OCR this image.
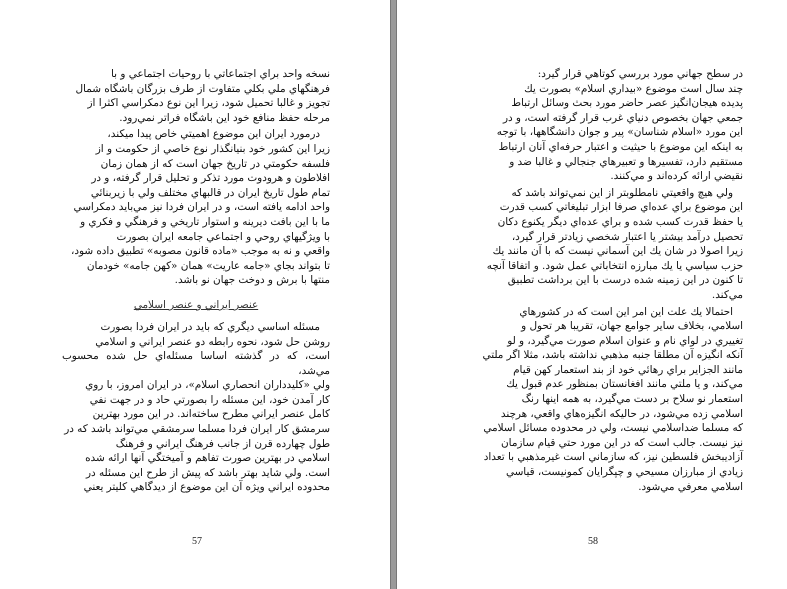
نسخه واحد براي اجتماعاتي با روحيات اجتماعي و با
فرهنگهاي ملي بكلي متفاوت از طرف بزرگان باشگاه شمال
تجويز و غالبا تحميل شود، زيرا اين نوع دمكراسي اكثرا از
مرحله حفظ منافع خود اين باشگاه فراتر نمي‌رود.

درمورد ايران اين موضوع اهميتي خاص پيدا ميكند،
زيرا اين كشور خود بنيانگذار نوع خاصي از حكومت و از
فلسفه حكومتي در تاريخ جهان است كه از همان زمان
افلاطون و هرودوت مورد تذكر و تحليل قرار گرفته، و در
تمام طول تاريخ ايران در قالبهاي مختلف ولي با زيربنائي
واحد ادامه يافته است، و در ايران فردا نيز مي‌بايد دمكراسي
ما با اين بافت ديرينه و استوار تاريخي و فرهنگي و فكري و
با ويژگيهاي روحي و اجتماعي جامعه ايران بصورت
واقعي و نه به موجب «ماده قانون مصوبه» تطبيق داده شود،
تا بتواند بجاي «جامه عاريت» همان «كهن جامه» خودمان
منتها با برش و دوخت جهان نو باشد.

عنصر ايراني و عنصر اسلامي

مسئله اساسي ديگري كه بايد در ايران فردا بصورت
روشن حل شود، نحوه رابطه دو عنصر ايراني و اسلامي
است، كه در گذشته اساسا مسئله‌اي حل شده محسوب مي‌شد،
ولي «كليدداران انحصاري اسلام»، در ايران امروز، با روي
كار آمدن خود، اين مسئله را بصورتي حاد و در جهت نفي
كامل عنصر ايراني مطرح ساخته‌اند. در اين مورد بهترين
سرمشق كار ايران فردا مسلما سرمشقي مي‌تواند باشد كه در
طول چهارده قرن از جانب فرهنگ ايراني و فرهنگ
اسلامي در بهترين صورت تفاهم و آميختگي آنها ارائه شده
است. ولي شايد بهتر باشد كه پيش از طرح اين مسئله در
محدوده ايراني ويژه آن اين موضوع از ديدگاهي كليتر يعني

57

در سطح جهاني مورد بررسي كوتاهي قرار گيرد:
چند سال است موضوع «بيداري اسلام» بصورت يك
پديده هيجان‌انگيز عصر حاضر مورد بحث وسائل ارتباط
جمعي جهان بخصوص دنياي غرب قرار گرفته است، و در
اين مورد «اسلام شناسان» پير و جوان دانشگاهها، با توجه
به اينكه اين موضوع با حيثيت و اعتبار حرفه‌اي آنان ارتباط
مستقيم دارد، تفسيرها و تعبيرهاي جنجالي و غالبا ضد و
نقيضي ارائه كرده‌اند و مي‌كنند.

ولي هيچ واقعيتي نامطلوبتر از اين نمي‌تواند باشد كه
اين موضوع براي عده‌اي صرفا ابزار تبليغاتي كسب قدرت
يا حفظ قدرت كسب شده و براي عده‌اي ديگر يكنوع دكان
تحصيل درآمد بيشتر يا اعتبار شخصي زيادتر قرار گيرد،
زيرا اصولا در شان يك اين آسماني نيست كه با آن مانند يك
حزب سياسي يا يك مبارزه انتخاباتي عمل شود. و اتفاقا آنچه
تا كنون در اين زمينه شده درست با اين برداشت تطبيق
مي‌كند.

احتمالا يك علت اين امر اين است كه در كشورهاي
اسلامي، بخلاف ساير جوامع جهان، تقريبا هر تحول و
تغييري در لواي نام و عنوان اسلام صورت مي‌گيرد، و لو
آنكه انگيزه آن مطلقا جنبه مذهبي نداشته باشد، مثلا اگر ملتي
مانند الجزاير براي رهائي خود از بند استعمار كهن قيام
مي‌كند، و يا ملتي مانند افغانستان بمنظور عدم قبول يك
استعمار نو سلاح بر دست مي‌گيرد، به همه اينها رنگ
اسلامي زده مي‌شود، در حاليكه انگيزه‌هاي واقعي، هرچند
كه مسلما ضداسلامي نيست، ولي در محدوده مسائل اسلامي
نيز نيست. جالب است كه در اين مورد حتي قيام سازمان
آزاديبخش فلسطين نيز، كه سازماني است غيرمذهبي با تعداد
زيادي از مبارزان مسيحي و چپگرايان كمونيست، قياسي
اسلامي معرفي مي‌شود.

58
